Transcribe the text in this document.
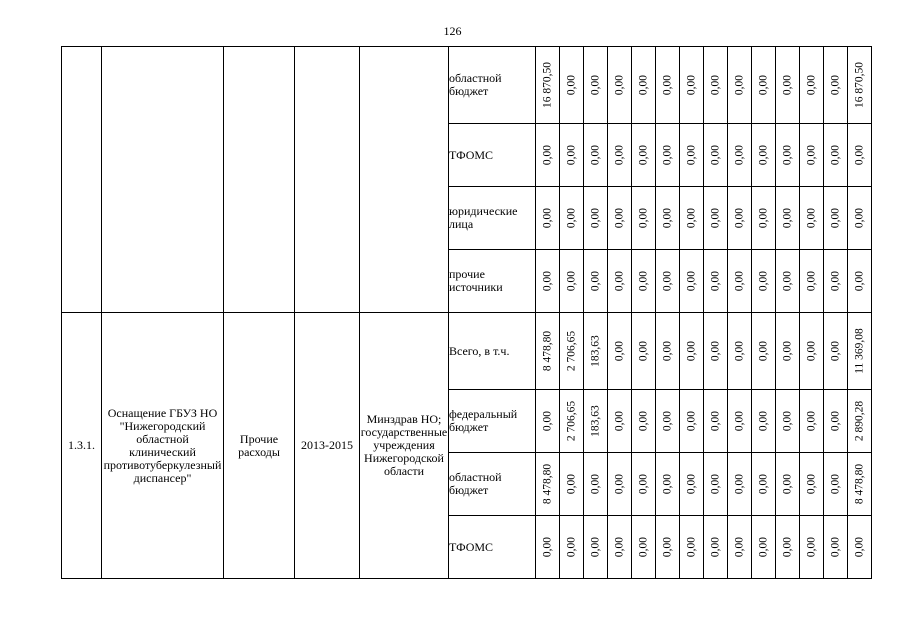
126
					областной бюджет	16 870,50	0,00	0,00	0,00	0,00	0,00	0,00	0,00	0,00	0,00	0,00	0,00	0,00	16 870,50

					ТФОМС	0,00	0,00	0,00	0,00	0,00	0,00	0,00	0,00	0,00	0,00	0,00	0,00	0,00	0,00

					юридические лица	0,00	0,00	0,00	0,00	0,00	0,00	0,00	0,00	0,00	0,00	0,00	0,00	0,00	0,00

					прочие источники	0,00	0,00	0,00	0,00	0,00	0,00	0,00	0,00	0,00	0,00	0,00	0,00	0,00	0,00

1.3.1.	Оснащение ГБУЗ НО "Нижегородский областной клинический противотуберкулезный диспансер"	Прочие расходы	2013-2015	Минздрав НО; государственные учреждения Нижегородской области	Всего, в т.ч.	8 478,80	2 706,65	183,63	0,00	0,00	0,00	0,00	0,00	0,00	0,00	0,00	0,00	0,00	11 369,08

					федеральный бюджет	0,00	2 706,65	183,63	0,00	0,00	0,00	0,00	0,00	0,00	0,00	0,00	0,00	0,00	2 890,28

					областной бюджет	8 478,80	0,00	0,00	0,00	0,00	0,00	0,00	0,00	0,00	0,00	0,00	0,00	0,00	8 478,80

					ТФОМС	0,00	0,00	0,00	0,00	0,00	0,00	0,00	0,00	0,00	0,00	0,00	0,00	0,00	0,00
